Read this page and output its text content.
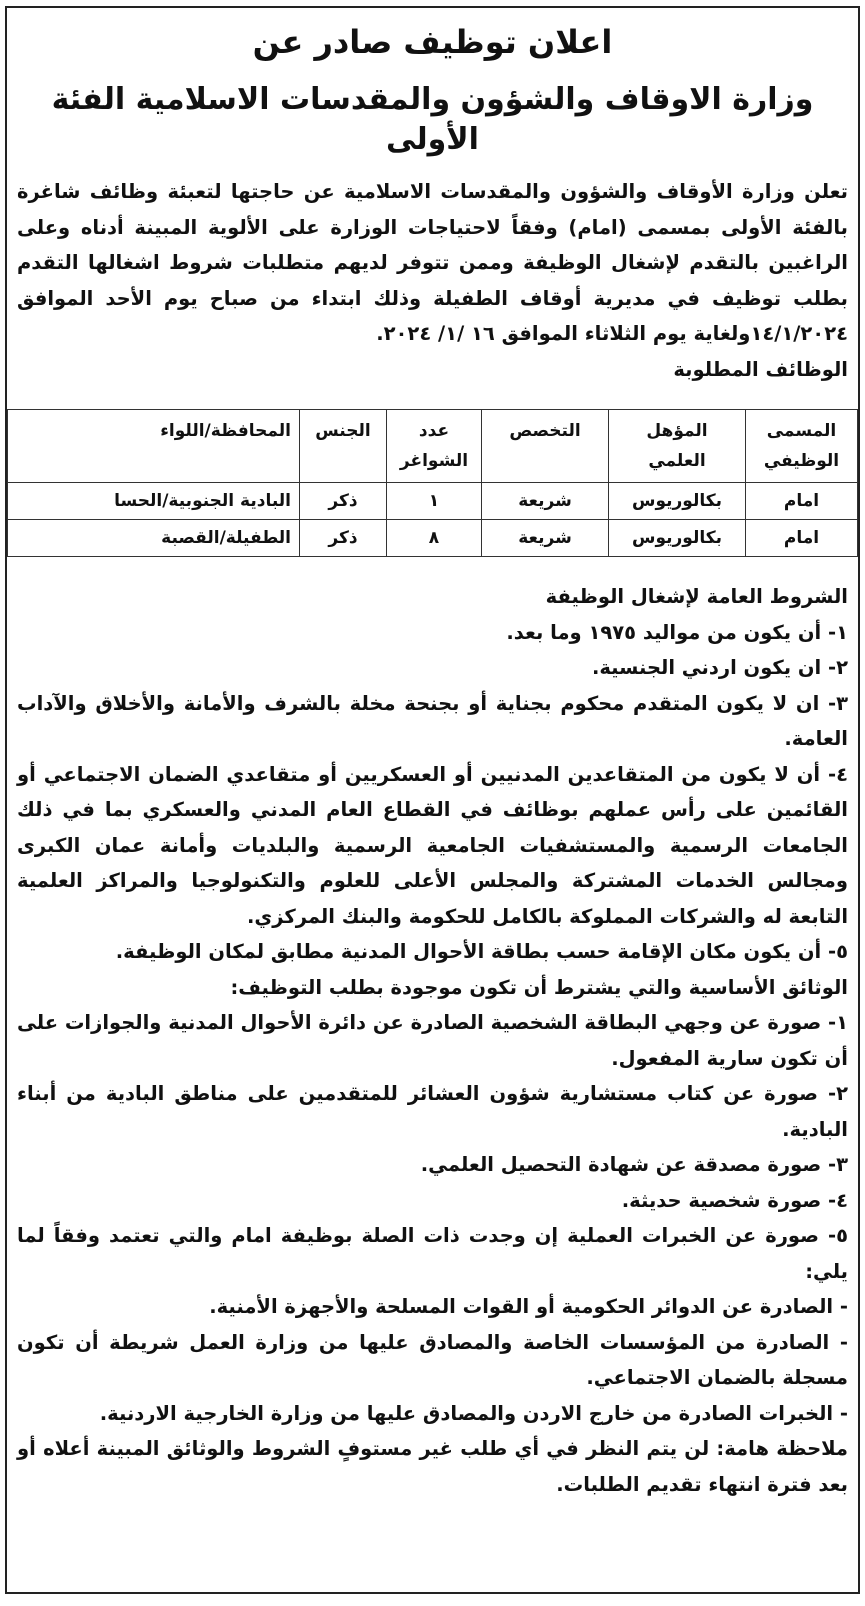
اعلان توظيف صادر عن
وزارة الاوقاف والشؤون والمقدسات الاسلامية الفئة الأولى

تعلن وزارة الأوقاف والشؤون والمقدسات الاسلامية عن حاجتها لتعبئة وظائف شاغرة بالفئة الأولى بمسمى (امام) وفقاً لاحتياجات الوزارة على الألوية المبينة أدناه وعلى الراغبين بالتقدم لإشغال الوظيفة وممن تتوفر لديهم متطلبات شروط اشغالها التقدم بطلب توظيف في مديرية أوقاف الطفيلة وذلك ابتداء من صباح يوم الأحد الموافق ١٤/١/٢٠٢٤ولغاية يوم الثلاثاء الموافق ١٦ /١/ ٢٠٢٤.

الوظائف المطلوبة

المسمى الوظيفي	المؤهل العلمي	التخصص	عدد الشواغر	الجنس	المحافظة/اللواء
امام	بكالوريوس	شريعة	١	ذكر	البادية الجنوبية/الحسا
امام	بكالوريوس	شريعة	٨	ذكر	الطفيلة/القصبة

الشروط العامة لإشغال الوظيفة

١- أن يكون من مواليد ١٩٧٥ وما بعد.

٢- ان يكون اردني الجنسية.

٣- ان لا يكون المتقدم محكوم بجناية أو بجنحة مخلة بالشرف والأمانة والأخلاق والآداب العامة.

٤- أن لا يكون من المتقاعدين المدنيين أو العسكريين أو متقاعدي الضمان الاجتماعي أو القائمين على رأس عملهم بوظائف في القطاع العام المدني والعسكري بما في ذلك الجامعات الرسمية والمستشفيات الجامعية الرسمية والبلديات وأمانة عمان الكبرى ومجالس الخدمات المشتركة والمجلس الأعلى للعلوم والتكنولوجيا والمراكز العلمية التابعة له والشركات المملوكة بالكامل للحكومة والبنك المركزي.

٥- أن يكون مكان الإقامة حسب بطاقة الأحوال المدنية مطابق لمكان الوظيفة.

الوثائق الأساسية والتي يشترط أن تكون موجودة بطلب التوظيف:

١- صورة عن وجهي البطاقة الشخصية الصادرة عن دائرة الأحوال المدنية والجوازات على أن تكون سارية المفعول.

٢- صورة عن كتاب مستشارية شؤون العشائر للمتقدمين على مناطق البادية من أبناء البادية.

٣- صورة مصدقة عن شهادة التحصيل العلمي.

٤- صورة شخصية حديثة.

٥- صورة عن الخبرات العملية إن وجدت ذات الصلة بوظيفة امام والتي تعتمد وفقاً لما يلي:

- الصادرة عن الدوائر الحكومية أو القوات المسلحة والأجهزة الأمنية.

- الصادرة من المؤسسات الخاصة والمصادق عليها من وزارة العمل شريطة أن تكون مسجلة بالضمان الاجتماعي.

- الخبرات الصادرة من خارج الاردن والمصادق عليها من وزارة الخارجية الاردنية.

ملاحظة هامة: لن يتم النظر في أي طلب غير مستوفٍ الشروط والوثائق المبينة أعلاه أو بعد فترة انتهاء تقديم الطلبات.
